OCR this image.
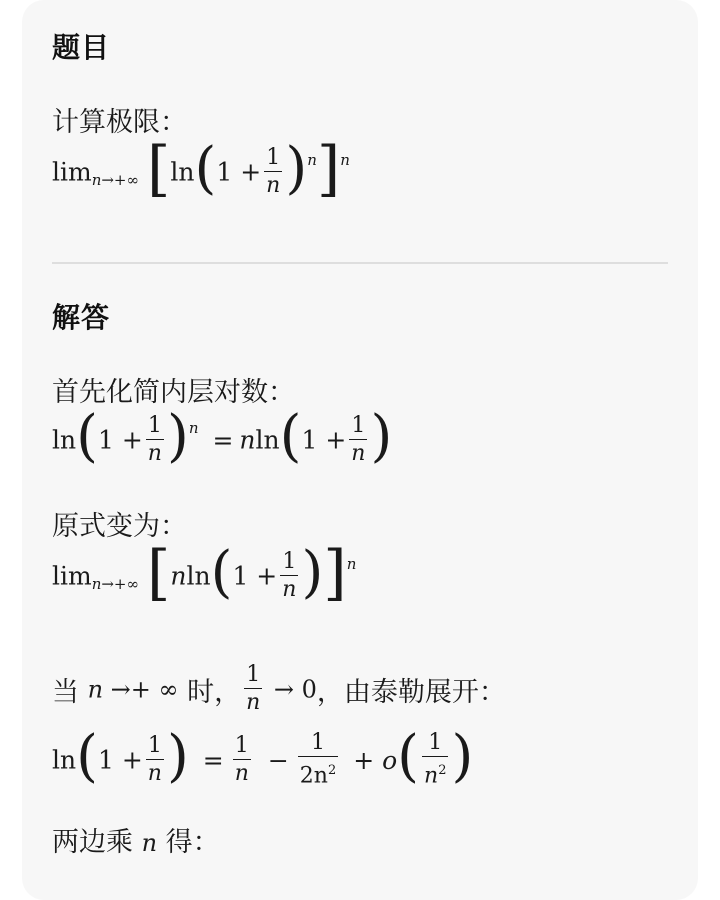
题目
计算极限：
$\lim_{n\to+\infty} [\ln(1 + \frac{1}{n} )^n]^n$
解答
首先化简内层对数：
$\ln(1 + \frac{1}{n} )^n = nln(1 + \frac{1}{n}$ )
原式变为：
$\lim_{n\to+\infty} [nln(1 + \frac{1}{n} )]^n$
当 n →+ ∞ 时， $\frac{1}{n} \to 0$，由泰勒展开：
$\ln(1 + \frac{1}{n}$ ) = $\frac{1}{n} - \frac{1}{2n^2} + o( \frac{1}{n^2}$ )
两边乘 n 得：
